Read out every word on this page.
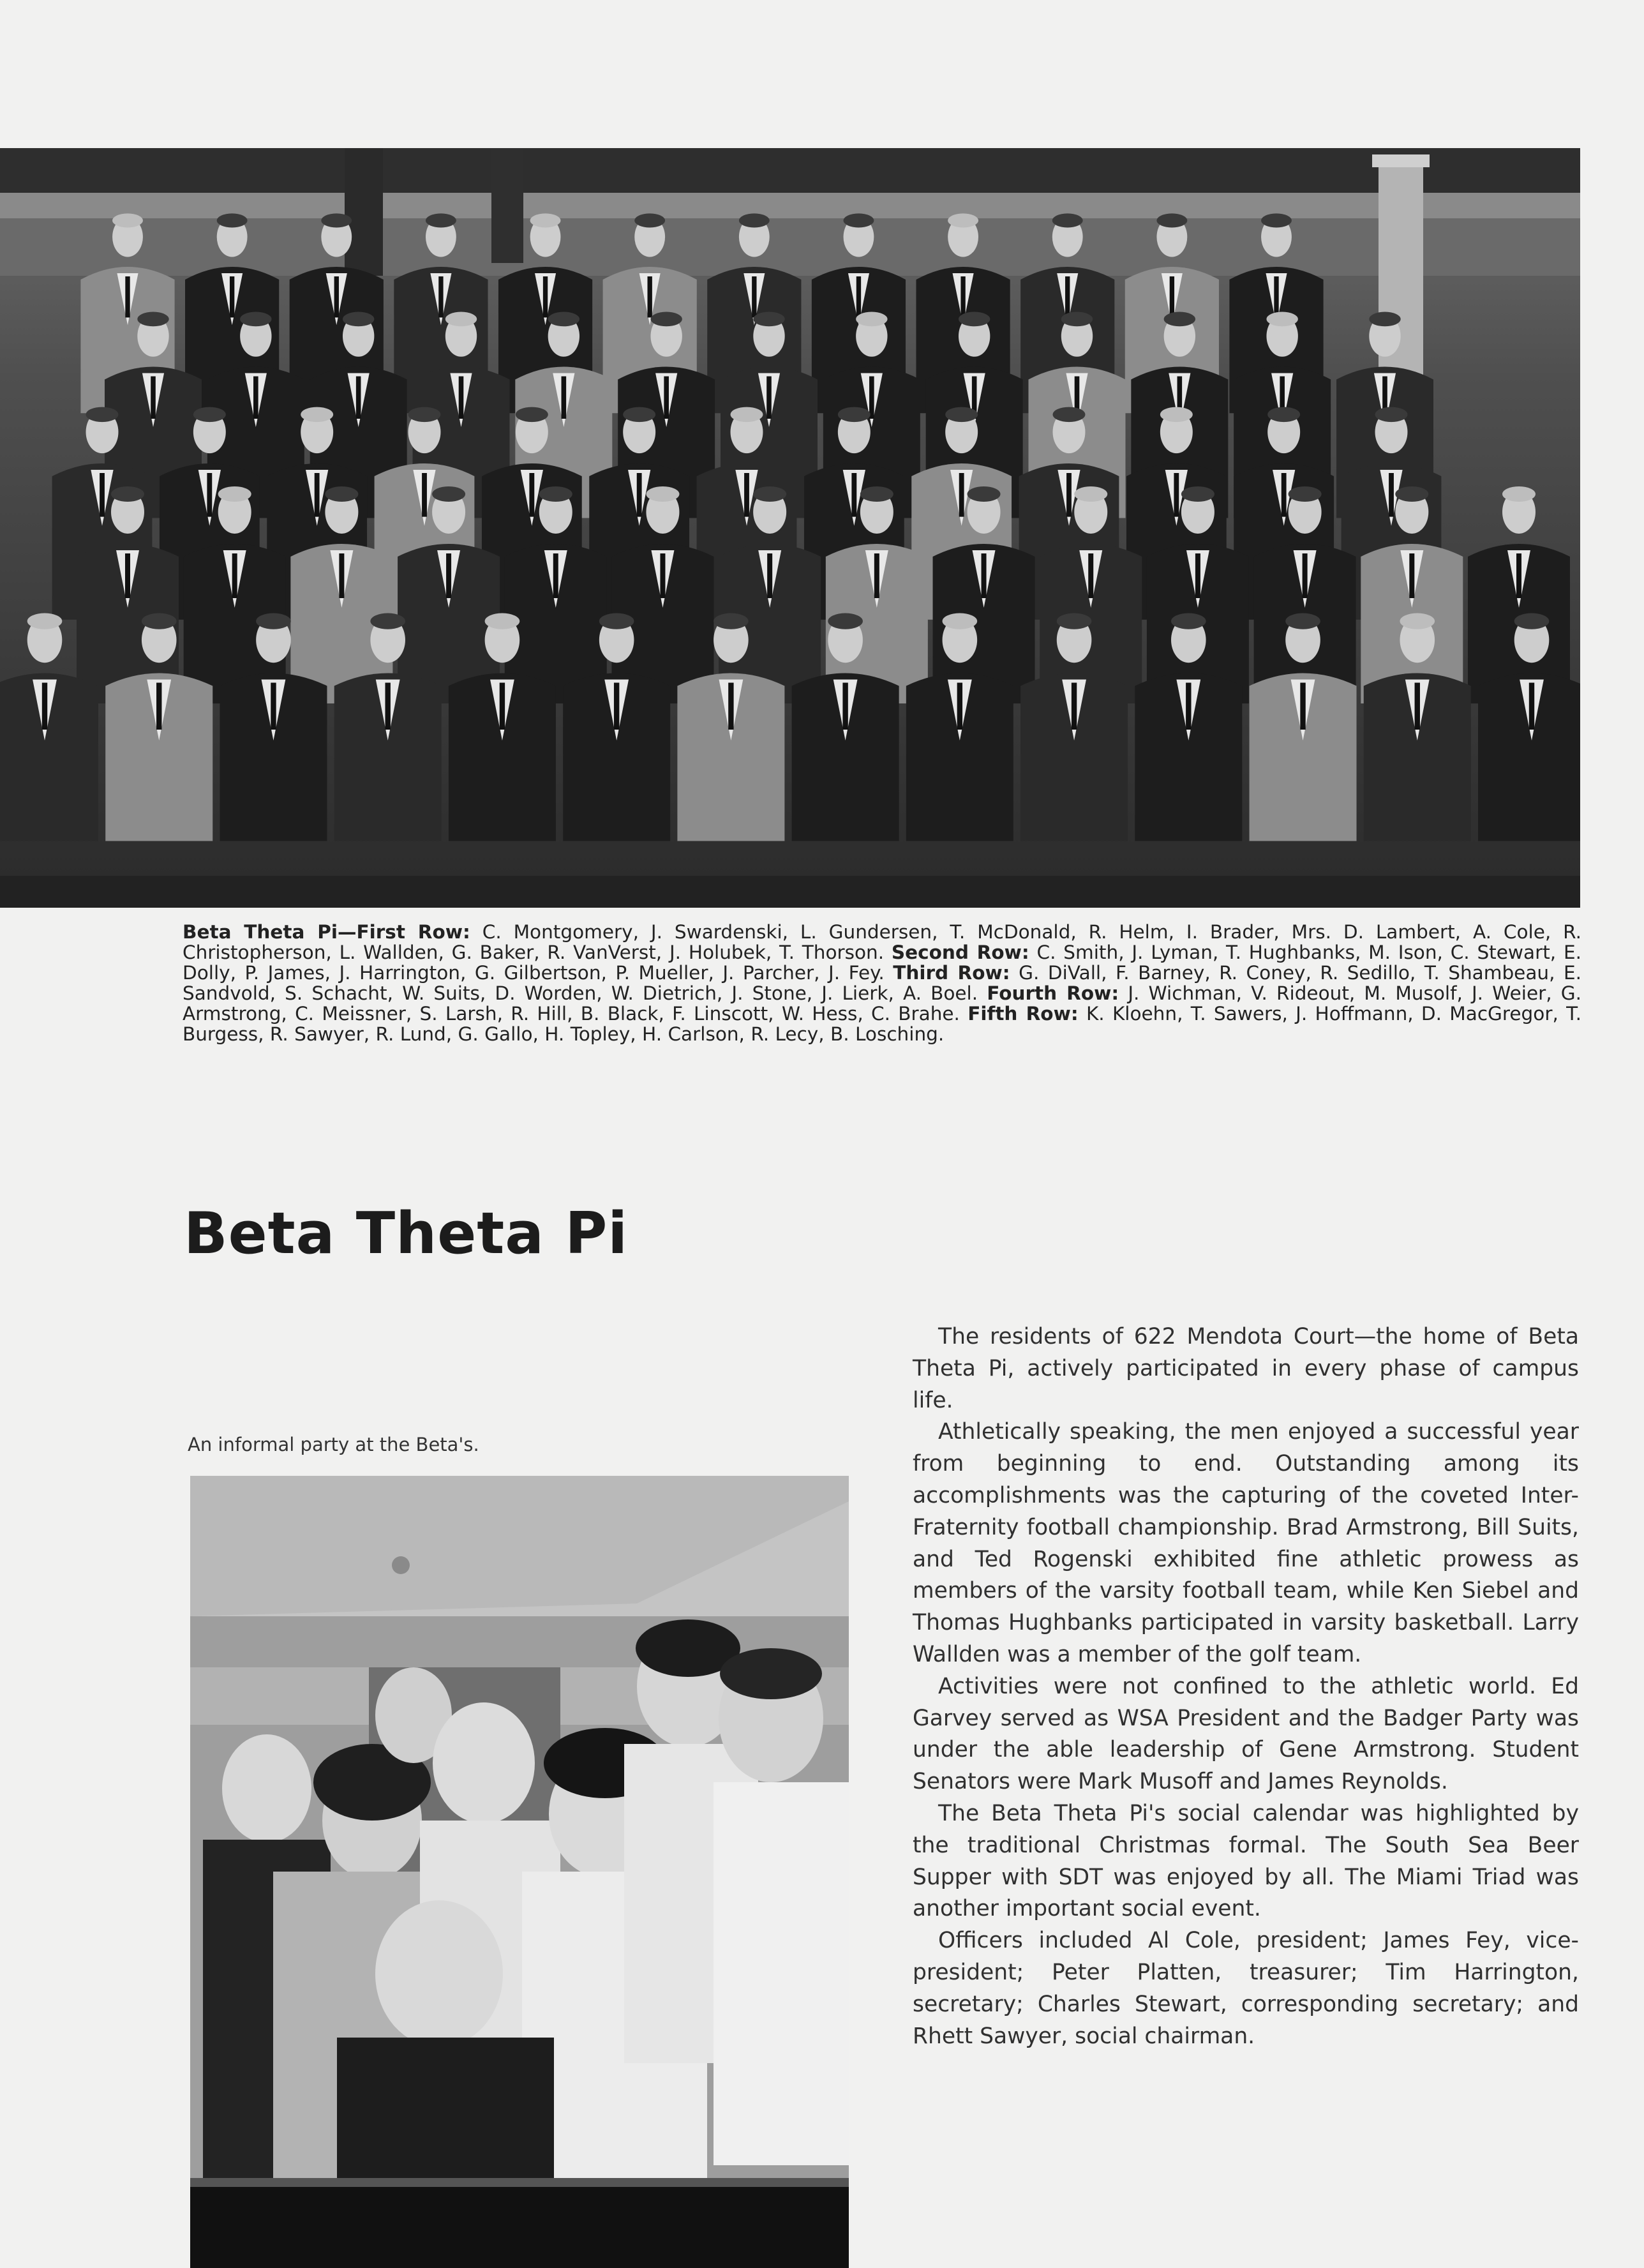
Beta Theta Pi—First Row: C. Montgomery, J. Swardenski, L. Gundersen, T. McDonald, R. Helm, I. Brader, Mrs. D. Lambert, A. Cole, R. Christopherson, L. Wallden, G. Baker, R. VanVerst, J. Holubek, T. Thorson. Second Row: C. Smith, J. Lyman, T. Hughbanks, M. Ison, C. Stewart, E. Dolly, P. James, J. Harrington, G. Gilbertson, P. Mueller, J. Parcher, J. Fey. Third Row: G. DiVall, F. Barney, R. Coney, R. Sedillo, T. Shambeau, E. Sandvold, S. Schacht, W. Suits, D. Worden, W. Dietrich, J. Stone, J. Lierk, A. Boel. Fourth Row: J. Wichman, V. Rideout, M. Musolf, J. Weier, G. Armstrong, C. Meissner, S. Larsh, R. Hill, B. Black, F. Linscott, W. Hess, C. Brahe. Fifth Row: K. Kloehn, T. Sawers, J. Hoffmann, D. MacGregor, T. Burgess, R. Sawyer, R. Lund, G. Gallo, H. Topley, H. Carlson, R. Lecy, B. Losching.
Beta Theta Pi
An informal party at the Beta's.

The residents of 622 Mendota Court—the home of Beta Theta Pi, actively participated in every phase of campus life.

Athletically speaking, the men enjoyed a successful year from beginning to end. Outstanding among its accomplishments was the capturing of the coveted Inter-Fraternity football championship. Brad Armstrong, Bill Suits, and Ted Rogenski exhibited fine athletic prowess as members of the varsity football team, while Ken Siebel and Thomas Hughbanks participated in varsity basketball. Larry Wallden was a member of the golf team.

Activities were not confined to the athletic world. Ed Garvey served as WSA President and the Badger Party was under the able leadership of Gene Armstrong. Student Senators were Mark Musoff and James Reynolds.

The Beta Theta Pi's social calendar was highlighted by the traditional Christmas formal. The South Sea Beer Supper with SDT was enjoyed by all. The Miami Triad was another important social event.

Officers included Al Cole, president; James Fey, vice-president; Peter Platten, treasurer; Tim Harrington, secretary; Charles Stewart, corresponding secretary; and Rhett Sawyer, social chairman.
